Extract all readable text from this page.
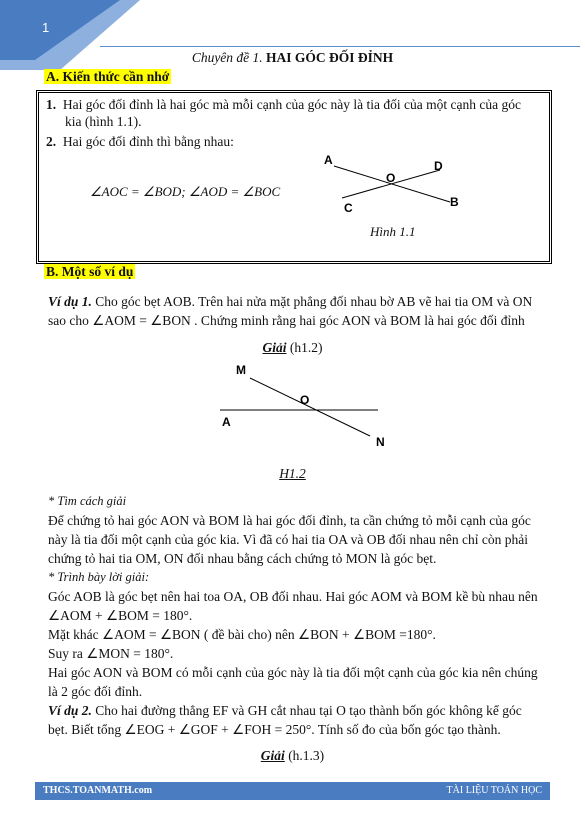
1
Chuyên đề 1. HAI GÓC ĐỐI ĐỈNH
A. Kiến thức cần nhớ
1. Hai góc đối đỉnh là hai góc mà mỗi cạnh của góc này là tia đối của một cạnh của góc
kia (hình 1.1).
2. Hai góc đối đỉnh thì bằng nhau:
∠AOC = ∠BOD; ∠AOD = ∠BOC
A	D
O
C	B
Hình 1.1
B. Một số ví dụ
Ví dụ 1. Cho góc bẹt AOB. Trên hai nửa mặt phẳng đối nhau bờ AB vẽ hai tia OM và ON
sao cho ∠AOM = ∠BON . Chứng minh rằng hai góc AON và BOM là hai góc đối đỉnh
Giải (h1.2)
M
O
A
N
H1.2
* Tìm cách giải
Để chứng tỏ hai góc AON và BOM là hai góc đối đỉnh, ta cần chứng tỏ mỗi cạnh của góc
này là tia đối một cạnh của góc kia. Vì đã có hai tia OA và OB đối nhau nên chỉ còn phải
chứng tỏ hai tia OM, ON đối nhau bằng cách chứng tỏ MON là góc bẹt.
* Trình bày lời giải:
Góc AOB là góc bẹt nên hai toa OA, OB đối nhau. Hai góc AOM và BOM kề bù nhau nên
∠AOM + ∠BOM = 180°.
Mặt khác ∠AOM = ∠BON ( đề bài cho) nên ∠BON + ∠BOM =180°.
Suy ra ∠MON = 180°.
Hai góc AON và BOM có mỗi cạnh của góc này là tia đối một cạnh của góc kia nên chúng
là 2 góc đối đỉnh.
Ví dụ 2. Cho hai đường thẳng EF và GH cắt nhau tại O tạo thành bốn góc không kể góc
bẹt. Biết tổng ∠EOG + ∠GOF + ∠FOH = 250°. Tính số đo của bốn góc tạo thành.
Giải (h.1.3)
THCS.TOANMATH.com	TÀI LIỆU TOÁN HỌC
